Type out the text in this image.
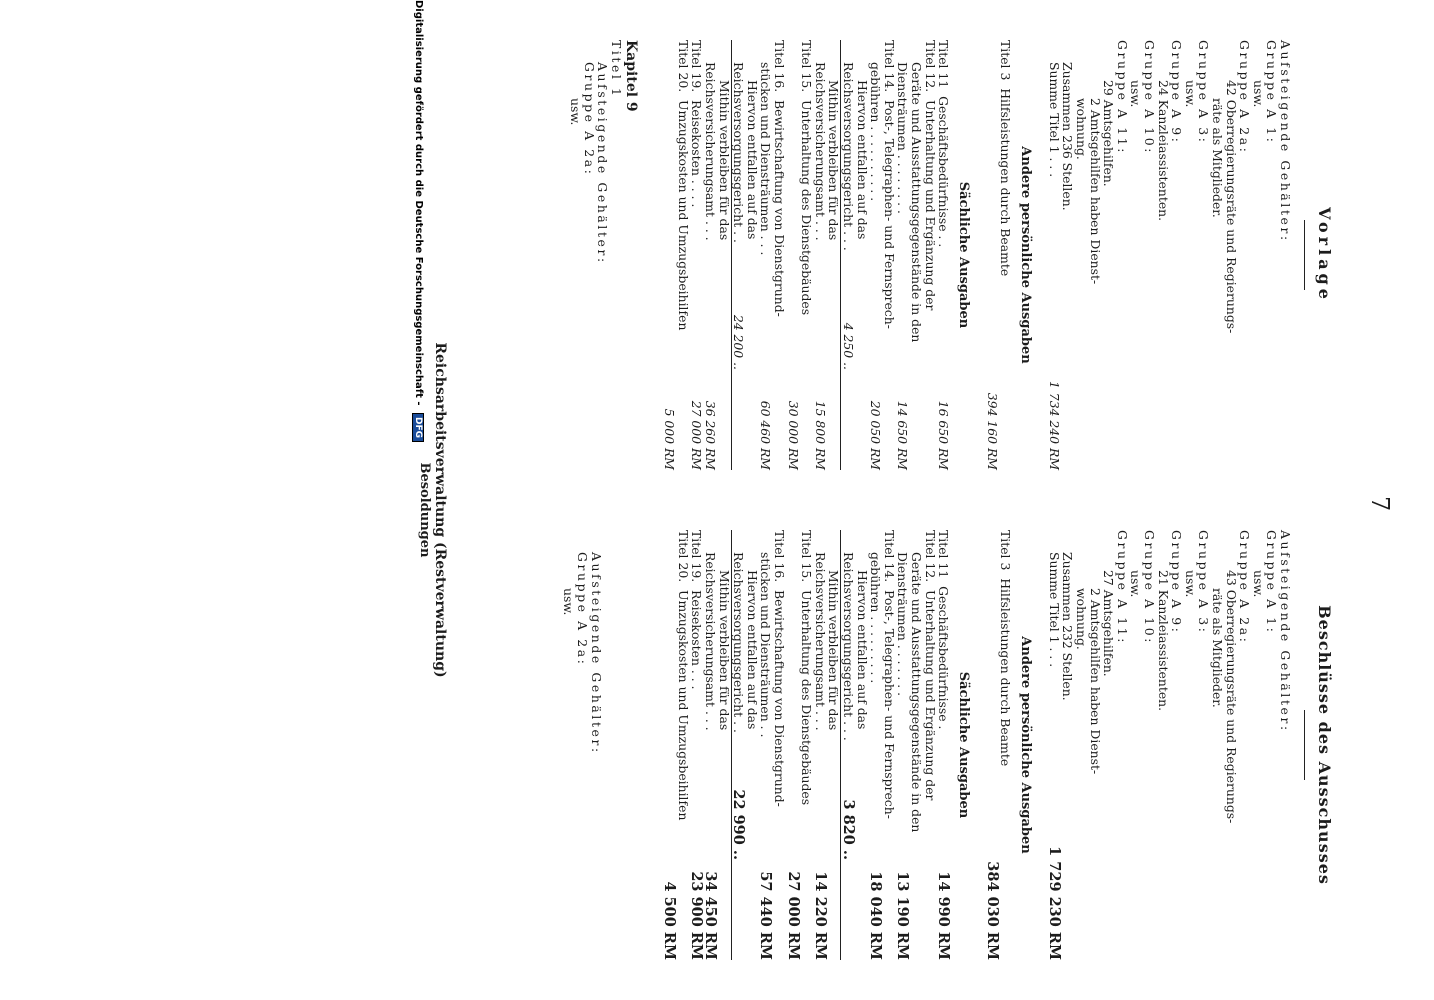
7
Vorlage
Aufsteigende Gehälter:
Gruppe A 1:
usw.
Gruppe A 2a:
42 Oberregierungsräte und Regierungs-
räte als Mitglieder.
Gruppe A 3:
usw.
Gruppe A 9:
24 Kanzleiassistenten.
Gruppe A 10:
usw.
Gruppe A 11:
29 Amtsgehilfen.
2 Amtsgehilfen haben Dienst-
wohnung.
Zusammen 236 Stellen.
Summe Titel 1 . . .
1 734 240 RM
Andere persönliche Ausgaben
Titel 3  Hilfsleistungen durch Beamte
394 160 RM
Sächliche Ausgaben
Titel 11  Geschäftsbedürfnisse . .
16 650 RM
Titel 12.  Unterhaltung und Ergänzung der
Geräte und Ausstattungsgegenstände in den
Diensträumen . . . . . . . .
14 650 RM
Titel 14.  Post-, Telegraphen- und Fernsprech-
gebühren . . . . . . . . . .
20 050 RM
Hiervon entfallen auf das
Reichsversorgungsgericht . . .
4 250 ..
Mithin verbleiben für das
Reichsversicherungsamt . . .
15 800 RM
Titel 15.  Unterhaltung des Dienstgebäudes
30 000 RM
Titel 16.  Bewirtschaftung von Dienstgrund-
stücken und Diensträumen . . .
60 460 RM
Hiervon entfallen auf das
Reichsversorgungsgericht . .
24 200 ..
Mithin verbleiben für das
Reichsversicherungsamt . . .
36 260 RM
Titel 19.  Reisekosten . . . .
27 000 RM
Titel 20.  Umzugskosten und Umzugsbeihilfen
5 000 RM
Kapitel 9
Titel 1
Aufsteigende Gehälter:
Gruppe A 2a:
usw.
Reichsarbeitsverwaltung (Restverwaltung)
Besoldungen
Beschlüsse des Ausschusses
Aufsteigende Gehälter:
Gruppe A 1:
usw.
Gruppe A 2a:
43 Oberregierungsräte und Regierungs-
räte als Mitglieder.
Gruppe A 3:
usw.
Gruppe A 9:
21 Kanzleiassistenten.
Gruppe A 10:
usw.
Gruppe A 11:
27 Amtsgehilfen.
2 Amtsgehilfen haben Dienst-
wohnung.
Zusammen 232 Stellen.
Summe Titel 1 . . .
1 729 230 RM
Andere persönliche Ausgaben
Titel 3  Hilfsleistungen durch Beamte
384 030 RM
Sächliche Ausgaben
Titel 11  Geschäftsbedürfnisse .
14 990 RM
Titel 12.  Unterhaltung und Ergänzung der
Geräte und Ausstattungsgegenstände in den
Diensträumen . . . . . . .
13 190 RM
Titel 14.  Post-, Telegraphen- und Fernsprech-
gebühren . . . . . . . . .
18 040 RM
Hiervon entfallen auf das
Reichsversorgungsgericht . . .
3 820 ..
Mithin verbleiben für das
Reichsversicherungsamt . . .
14 220 RM
Titel 15.  Unterhaltung des Dienstgebäudes
27 000 RM
Titel 16.  Bewirtschaftung von Dienstgrund-
stücken und Diensträumen . .
57 440 RM
Hiervon entfallen auf das
Reichsversorgungsgericht . .
22 990 ..
Mithin verbleiben für das
Reichsversicherungsamt . . .
34 450 RM
Titel 19.  Reisekosten . . .
23 900 RM
Titel 20.  Umzugskosten und Umzugsbeihilfen
4 500 RM
Aufsteigende Gehälter:
Gruppe A 2a:
usw.
Digitalisierung gefördert durch die Deutsche Forschungsgemeinschaft - DFG
